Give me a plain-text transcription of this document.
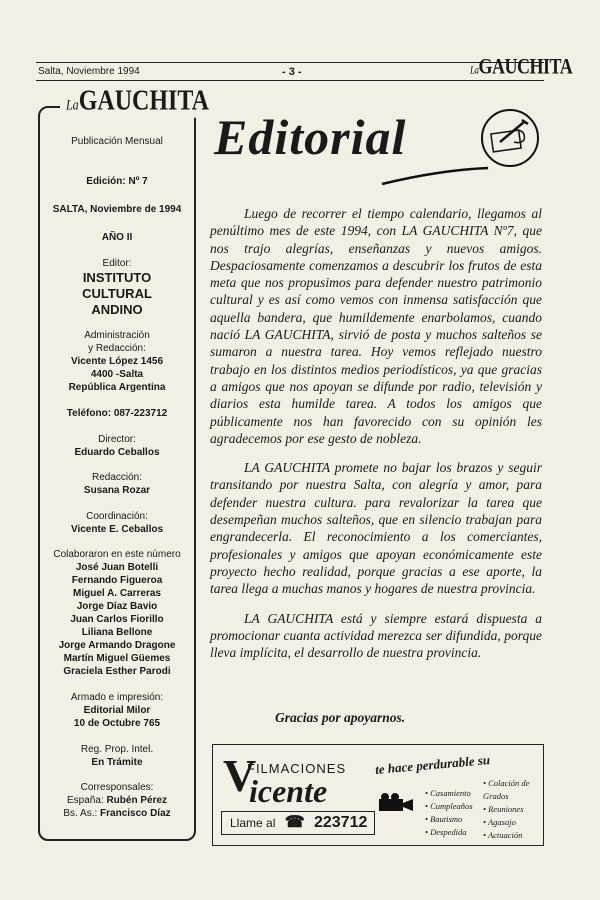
Salta, Noviembre 1994	- 3 -	LaGAUCHITA
LaGAUCHITA
Publicación Mensual
Edición: Nº 7
SALTA, Noviembre de 1994
AÑO II
Editor:
INSTITUTO
CULTURAL
ANDINO
Administración
y Redacción:
Vicente López 1456
4400 -Salta
República Argentina
Teléfono: 087-223712
Director:
Eduardo Ceballos
Redacción:
Susana Rozar
Coordinación:
Vicente E. Ceballos
Colaboraron en este número
José Juan Botelli
Fernando Figueroa
Miguel A. Carreras
Jorge Díaz Bavio
Juan Carlos Fiorillo
Liliana Bellone
Jorge Armando Dragone
Martín Miguel Güemes
Graciela Esther Parodi
Armado e impresión:
Editorial Milor
10 de Octubre 765
Reg. Prop. Intel.
En Trámite
Corresponsales:
España: Rubén Pérez
Bs. As.: Francisco Díaz
Editorial

Luego de recorrer el tiempo calendario, llegamos al penúltimo mes de este 1994, con LA GAUCHITA Nº7, que nos trajo alegrías, enseñanzas y nuevos amigos. Despaciosamente comenzamos a descubrir los frutos de esta meta que nos propusimos para defender nuestro patrimonio cultural y es así como vemos con inmensa satisfacción que aquella bandera, que humildemente enarbolamos, cuando nació LA GAUCHITA, sirvió de posta y muchos salteños se sumaron a nuestra tarea. Hoy vemos reflejado nuestro trabajo en los distintos medios periodísticos, ya que gracias a amigos que nos apoyan se difunde por radio, televisión y diarios esta humilde tarea. A todos los amigos que públicamente nos han favorecido con su opinión les agradecemos por ese gesto de nobleza.

LA GAUCHITA promete no bajar los brazos y seguir transitando por nuestra Salta, con alegría y amor, para defender nuestra cultura. para revalorizar la tarea que desempeñan muchos salteños, que en silencio trabajan para engrandecerla. El reconocimiento a los comerciantes, profesionales y amigos que apoyan económicamente este proyecto hecho realidad, porque gracias a ese aporte, la tarea llega a muchas manos y hogares de nuestra provincia.

LA GAUCHITA está y siempre estará dispuesta a promocionar cuanta actividad merezca ser difundida, porque lleva implícita, el desarrollo de nuestra provincia.

Gracias por apoyarnos.
V
FILMACIONES
icente
te hace perdurable su
Llame al ☎ 223712
• Casamiento
• Cumpleaños
• Bautismo
• Despedida
• Colación de Grados
• Reuniones
• Agasajo
• Actuación
